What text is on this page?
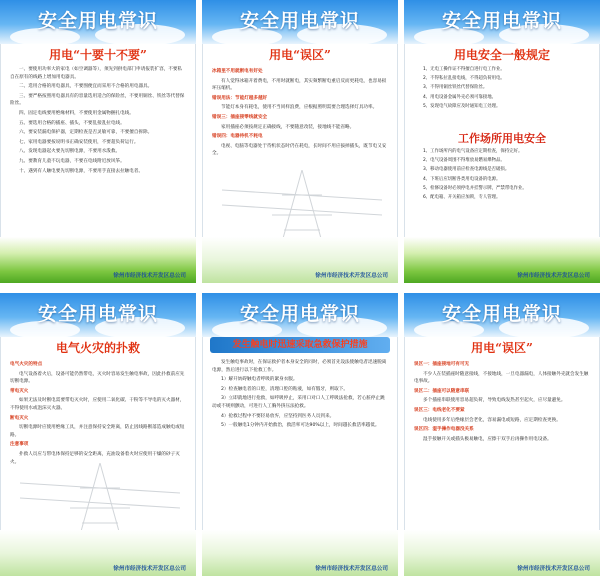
安全用电常识
用电“十要十不要”

一、要使用功率大的家电（如空调器等），须先到供电部门申请报装扩容，不要私自在原有的线路上增加用电器具。

二、选用合格的用电器具，不要图便宜而采用不合格的用电器具。

三、要严格按照用电器具有的容量选用适合的保险丝，不要用铜丝、铁丝等代替保险丝。

四、固定电线要用绝缘材料，不要使用金属物捆扎电线。

五、要选用合格的插座、插头，不要乱接乱拉电线。

六、要安装漏电保护器，定期检查是否灵敏可靠，不要擅自拆除。

七、家用电器要按说明书正确安装使用，不要超负荷运行。

八、发现电器起火要先切断电源，不要用水泼救。

九、要教育儿童不玩电器，不要在电线附近放风筝。

十、遇到有人触电要先切断电源，不要用手直接去拉触电者。

徐州市经济技术开发区总公司
安全用电常识
用电“误区”

冰箱里不用就断电有好处

有人觉得冰箱开着费电，不用时就断电，其实频繁断电重启反而更耗电，也容易损坏压缩机。

错误用法：节能灯越多越好

节能灯本身有耗电，使用不当同样浪费，应根据照明需要合理选择灯具功率。

错误三：插座接零线就安全

家用插座必须按规定正确接线，不要随意改装，接地线不能省略。

错误四：电器待机不耗电

电视、电脑等电器处于待机状态时仍在耗电，长时间不用应拔掉插头，既节电又安全。

徐州市经济技术开发区总公司
安全用电常识
用电安全一般规定

1、无电工操作证不得擅自进行电工作业。

2、不得私拉乱接电线，不得超负荷用电。

3、不得用铜丝铁丝代替保险丝。

4、用电设备金属外壳必须可靠接地。

5、发现电气故障应及时通知电工处理。

工作场所用电安全

1、工作场所内的电气设备应定期检查，保持完好。

2、电气设备周围不得堆放易燃易爆物品。

3、移动电器使用前应检查电源线是否破损。

4、下班后应切断各类用电设备的电源。

5、检修设备时必须停电并挂警示牌，严禁带电作业。

6、配电箱、开关箱应加锁，专人管理。

徐州市经济技术开发区总公司
安全用电常识
电气火灾的扑救

电气火灾的特点

电气设备着火后，设备可能仍然带电，灭火时容易发生触电事故，因此扑救前应先切断电源。

带电灭火

如果无法及时断电需要带电灭火时，应使用二氧化碳、干粉等不导电的灭火器材，不得使用水或泡沫灭火器。

断电灭火

切断电源时应使用绝缘工具，并注意保持安全距离，防止因线路断落造成触电或短路。

注意事项

扑救人员应与带电体保持足够的安全距离，充油设备着火时应使用干燥的砂子灭火。

徐州市经济技术开发区总公司
安全用电常识
发生触电时迅速采取急救保护措施

发生触电事故时，在保证救护者本身安全的同时，必须首先设法使触电者迅速脱离电源，然后进行以下抢救工作。

1）解开妨碍触电者呼吸的紧身衣服。

2）检查触电者的口腔，清理口腔的粘液，如有假牙，则取下。

3）立即就地进行抢救，如呼吸停止，采用口对口人工呼吸法抢救，若心脏停止跳动或不规则颤动，可进行人工胸外挤压法抢救。

4）抢救过程中不要轻易放弃，应坚持到医务人员到来。

5）一般触电1分钟内开始救治，救活率可达90%以上，时间越长救活率越低。

徐州市经济技术开发区总公司
安全用电常识
用电“误区”

误区一：插座接地可有可无

不少人在装插座时随意接线，不接地线，一旦电器漏电，人体接触外壳就会发生触电事故。

误区二：插座可以随意串联

多个插座串联使用容易超负荷，导致电线发热甚至起火，应尽量避免。

误区三：电线老化不要紧

电线使用多年后绝缘层会老化，容易漏电或短路，应定期检查更换。

误区四：湿手操作电器没关系

湿手接触开关或插头极易触电，应擦干双手后再操作用电设备。

徐州市经济技术开发区总公司
